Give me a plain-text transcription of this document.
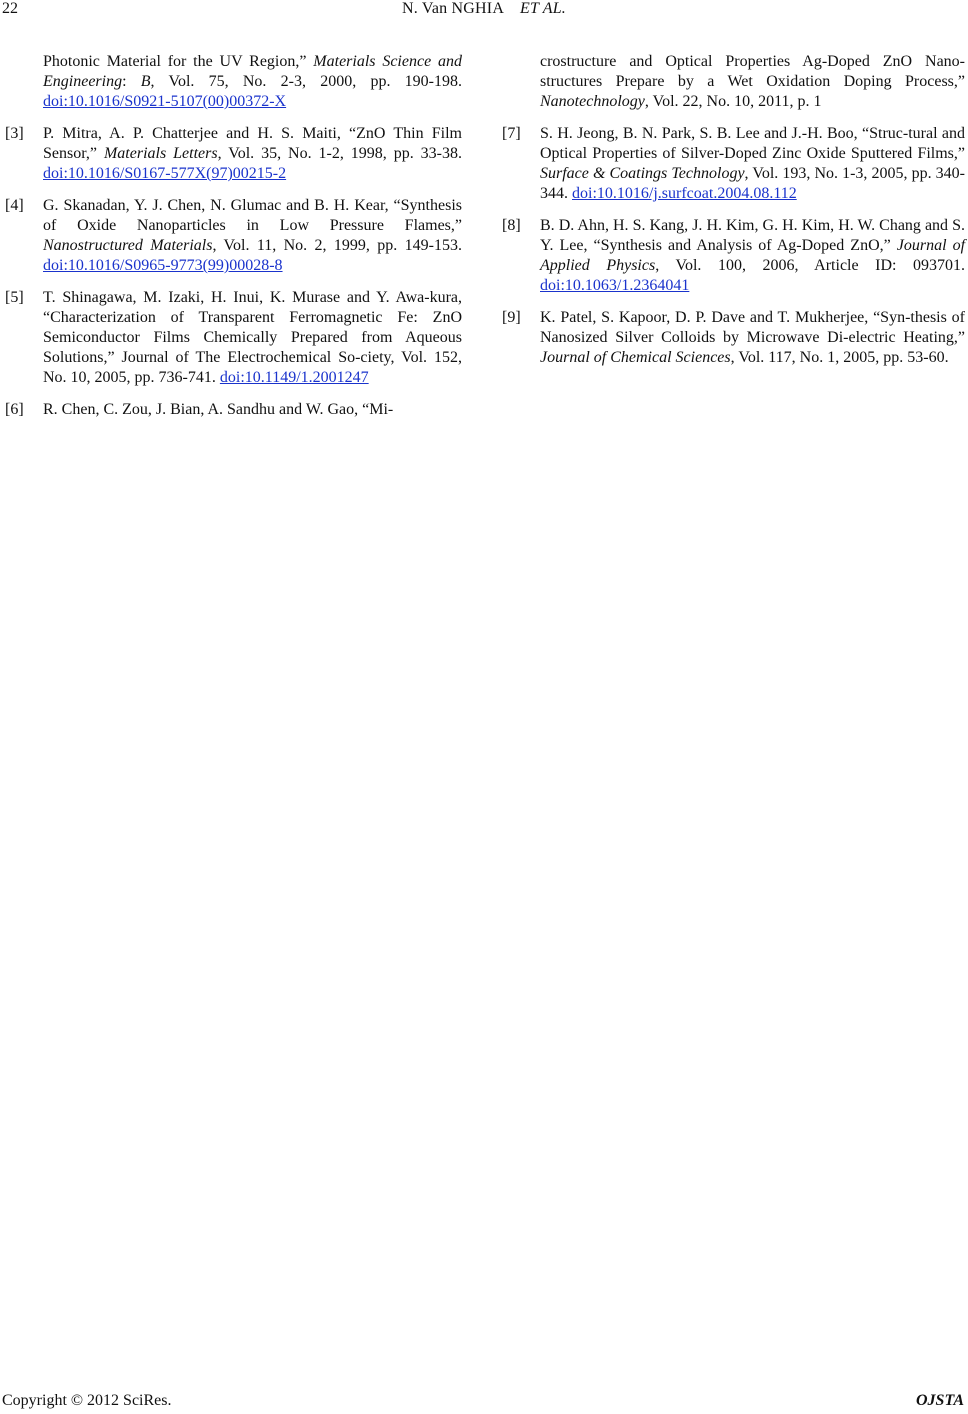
22	N. Van NGHIA ET AL.
Photonic Material for the UV Region,” Materials Science and Engineering: B, Vol. 75, No. 2-3, 2000, pp. 190-198. doi:10.1016/S0921-5107(00)00372-X
[3] P. Mitra, A. P. Chatterjee and H. S. Maiti, “ZnO Thin Film Sensor,” Materials Letters, Vol. 35, No. 1-2, 1998, pp. 33-38. doi:10.1016/S0167-577X(97)00215-2
[4] G. Skanadan, Y. J. Chen, N. Glumac and B. H. Kear, “Synthesis of Oxide Nanoparticles in Low Pressure Flames,” Nanostructured Materials, Vol. 11, No. 2, 1999, pp. 149-153. doi:10.1016/S0965-9773(99)00028-8
[5] T. Shinagawa, M. Izaki, H. Inui, K. Murase and Y. Awa-kura, “Characterization of Transparent Ferromagnetic Fe: ZnO Semiconductor Films Chemically Prepared from Aqueous Solutions,” Journal of The Electrochemical So-ciety, Vol. 152, No. 10, 2005, pp. 736-741. doi:10.1149/1.2001247
[6] R. Chen, C. Zou, J. Bian, A. Sandhu and W. Gao, “Mi-
crostructure and Optical Properties Ag-Doped ZnO Nano-structures Prepare by a Wet Oxidation Doping Process,” Nanotechnology, Vol. 22, No. 10, 2011, p. 1
[7] S. H. Jeong, B. N. Park, S. B. Lee and J.-H. Boo, “Struc-tural and Optical Properties of Silver-Doped Zinc Oxide Sputtered Films,” Surface & Coatings Technology, Vol. 193, No. 1-3, 2005, pp. 340-344. doi:10.1016/j.surfcoat.2004.08.112
[8] B. D. Ahn, H. S. Kang, J. H. Kim, G. H. Kim, H. W. Chang and S. Y. Lee, “Synthesis and Analysis of Ag-Doped ZnO,” Journal of Applied Physics, Vol. 100, 2006, Article ID: 093701. doi:10.1063/1.2364041
[9] K. Patel, S. Kapoor, D. P. Dave and T. Mukherjee, “Syn-thesis of Nanosized Silver Colloids by Microwave Di-electric Heating,” Journal of Chemical Sciences, Vol. 117, No. 1, 2005, pp. 53-60.
Copyright © 2012 SciRes.	OJSTA
